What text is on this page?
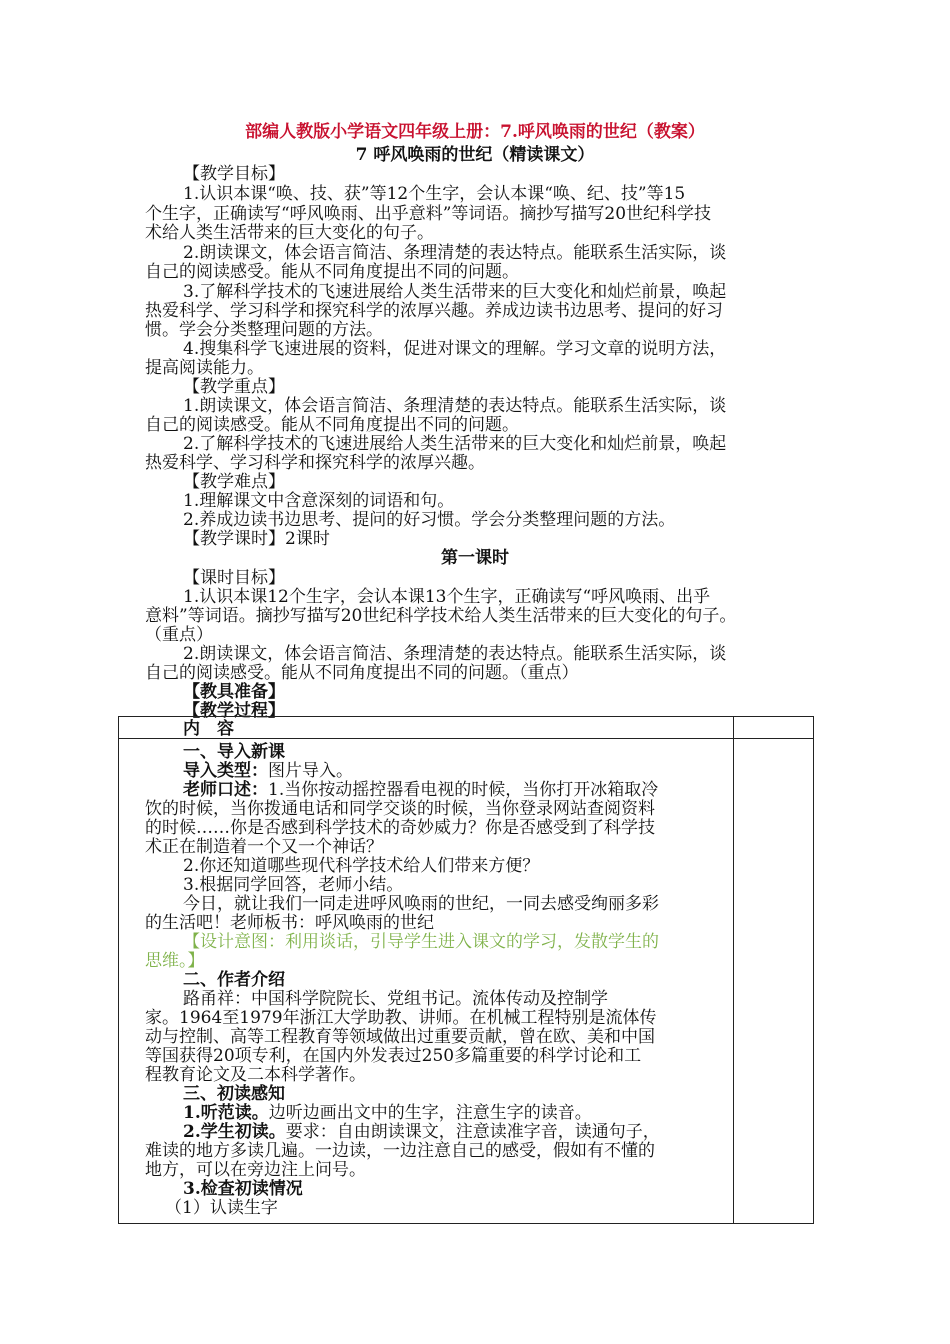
部编人教版小学语文四年级上册：7.呼风唤雨的世纪（教案）
7 呼风唤雨的世纪（精读课文）
【教学目标】
1.认识本课“唤、技、获”等12个生字，会认本课“唤、纪、技”等15
个生字，正确读写“呼风唤雨、出乎意料”等词语。摘抄写描写20世纪科学技
术给人类生活带来的巨大变化的句子。
2.朗读课文，体会语言简洁、条理清楚的表达特点。能联系生活实际，谈
自己的阅读感受。能从不同角度提出不同的问题。
3.了解科学技术的飞速进展给人类生活带来的巨大变化和灿烂前景，唤起
热爱科学、学习科学和探究科学的浓厚兴趣。养成边读书边思考、提问的好习
惯。学会分类整理问题的方法。
4.搜集科学飞速进展的资料，促进对课文的理解。学习文章的说明方法，
提高阅读能力。
【教学重点】
1.朗读课文，体会语言简洁、条理清楚的表达特点。能联系生活实际，谈
自己的阅读感受。能从不同角度提出不同的问题。
2.了解科学技术的飞速进展给人类生活带来的巨大变化和灿烂前景，唤起
热爱科学、学习科学和探究科学的浓厚兴趣。
【教学难点】
1.理解课文中含意深刻的词语和句。
2.养成边读书边思考、提问的好习惯。学会分类整理问题的方法。
【教学课时】2课时
第一课时
【课时目标】
1.认识本课12个生字，会认本课13个生字，正确读写“呼风唤雨、出乎
意料”等词语。摘抄写描写20世纪科学技术给人类生活带来的巨大变化的句子。
（重点）
2.朗读课文，体会语言简洁、条理清楚的表达特点。能联系生活实际，谈
自己的阅读感受。能从不同角度提出不同的问题。（重点）
【教具准备】
【教学过程】
内　容
一、导入新课
导入类型：图片导入。
老师口述：1.当你按动摇控器看电视的时候，当你打开冰箱取冷
饮的时候，当你拨通电话和同学交谈的时候，当你登录网站查阅资料
的时候……你是否感到科学技术的奇妙威力？你是否感受到了科学技
术正在制造着一个又一个神话？
2.你还知道哪些现代科学技术给人们带来方便？
3.根据同学回答，老师小结。
今日，就让我们一同走进呼风唤雨的世纪，一同去感受绚丽多彩
的生活吧！老师板书：呼风唤雨的世纪
【设计意图：利用谈话，引导学生进入课文的学习，发散学生的
思维。】
二、作者介绍
路甬祥：中国科学院院长、党组书记。流体传动及控制学
家。1964至1979年浙江大学助教、讲师。在机械工程特别是流体传
动与控制、高等工程教育等领域做出过重要贡献，曾在欧、美和中国
等国获得20项专利，在国内外发表过250多篇重要的科学讨论和工
程教育论文及二本科学著作。
三、初读感知
1.听范读。边听边画出文中的生字，注意生字的读音。
2.学生初读。要求：自由朗读课文，注意读准字音，读通句子，
难读的地方多读几遍。一边读，一边注意自己的感受，假如有不懂的
地方，可以在旁边注上问号。
3.检查初读情况
（1）认读生字
